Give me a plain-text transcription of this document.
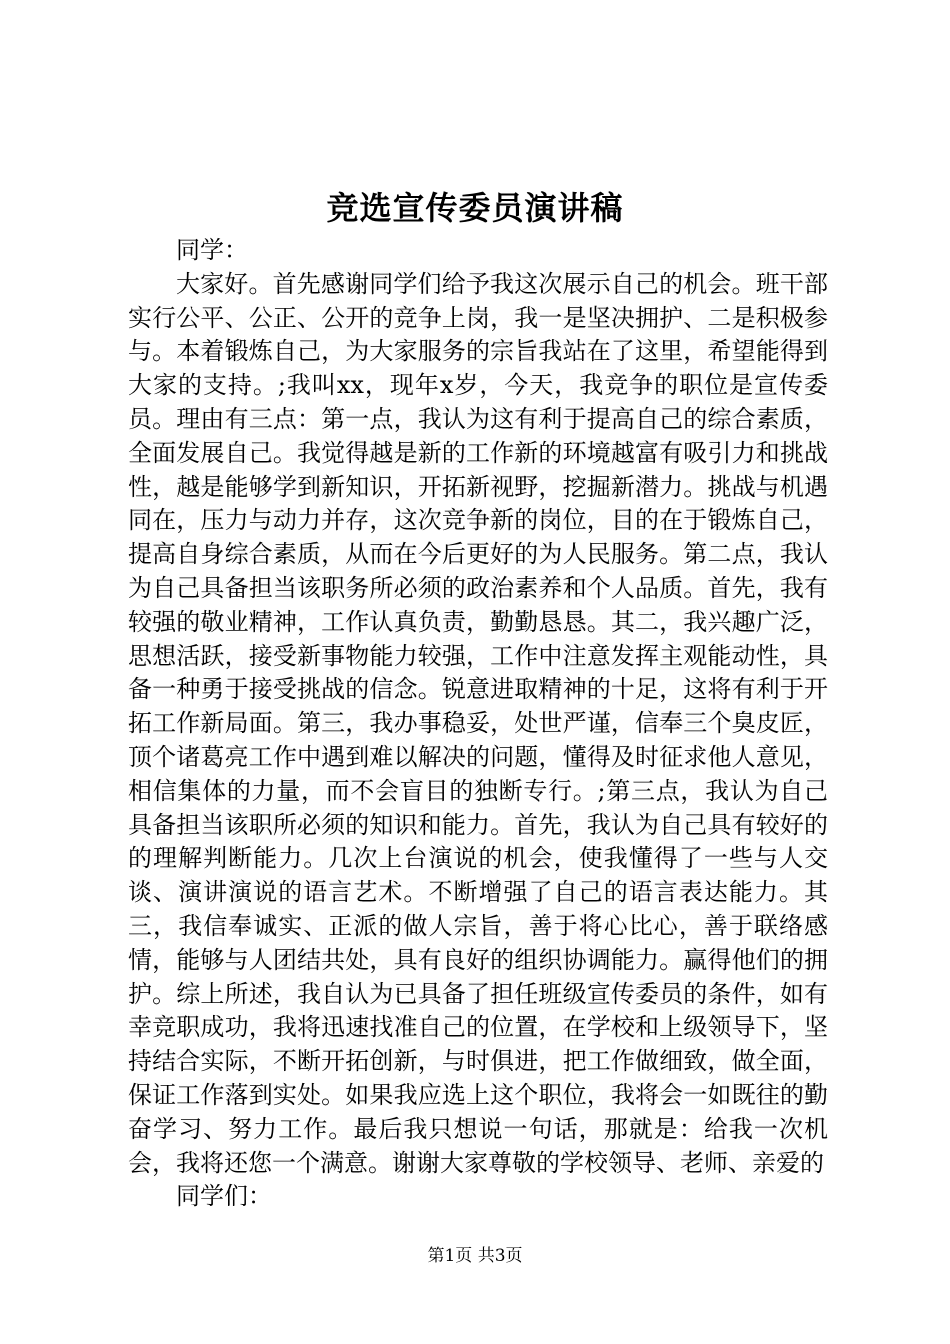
竞选宣传委员演讲稿

同学：

大家好。首先感谢同学们给予我这次展示自己的机会。班干部实行公平、公正、公开的竞争上岗，我一是坚决拥护、二是积极参与。本着锻炼自己，为大家服务的宗旨我站在了这里，希望能得到大家的支持。;我叫xx，现年x岁，今天，我竞争的职位是宣传委员。理由有三点：第一点，我认为这有利于提高自己的综合素质，全面发展自己。我觉得越是新的工作新的环境越富有吸引力和挑战性，越是能够学到新知识，开拓新视野，挖掘新潜力。挑战与机遇同在，压力与动力并存，这次竞争新的岗位，目的在于锻炼自己，提高自身综合素质，从而在今后更好的为人民服务。第二点，我认为自己具备担当该职务所必须的政治素养和个人品质。首先，我有较强的敬业精神，工作认真负责，勤勤恳恳。其二，我兴趣广泛，思想活跃，接受新事物能力较强，工作中注意发挥主观能动性，具备一种勇于接受挑战的信念。锐意进取精神的十足，这将有利于开拓工作新局面。第三，我办事稳妥，处世严谨，信奉三个臭皮匠，顶个诸葛亮工作中遇到难以解决的问题，懂得及时征求他人意见，相信集体的力量，而不会盲目的独断专行。;第三点，我认为自己具备担当该职所必须的知识和能力。首先，我认为自己具有较好的的理解判断能力。几次上台演说的机会，使我懂得了一些与人交谈、演讲演说的语言艺术。不断增强了自己的语言表达能力。其三，我信奉诚实、正派的做人宗旨，善于将心比心，善于联络感情，能够与人团结共处，具有良好的组织协调能力。赢得他们的拥护。综上所述，我自认为已具备了担任班级宣传委员的条件，如有幸竞职成功，我将迅速找准自己的位置，在学校和上级领导下，坚持结合实际，不断开拓创新，与时俱进，把工作做细致，做全面，保证工作落到实处。如果我应选上这个职位，我将会一如既往的勤奋学习、努力工作。最后我只想说一句话，那就是：给我一次机会，我将还您一个满意。谢谢大家尊敬的学校领导、老师、亲爱的

同学们：

第1页 共3页
